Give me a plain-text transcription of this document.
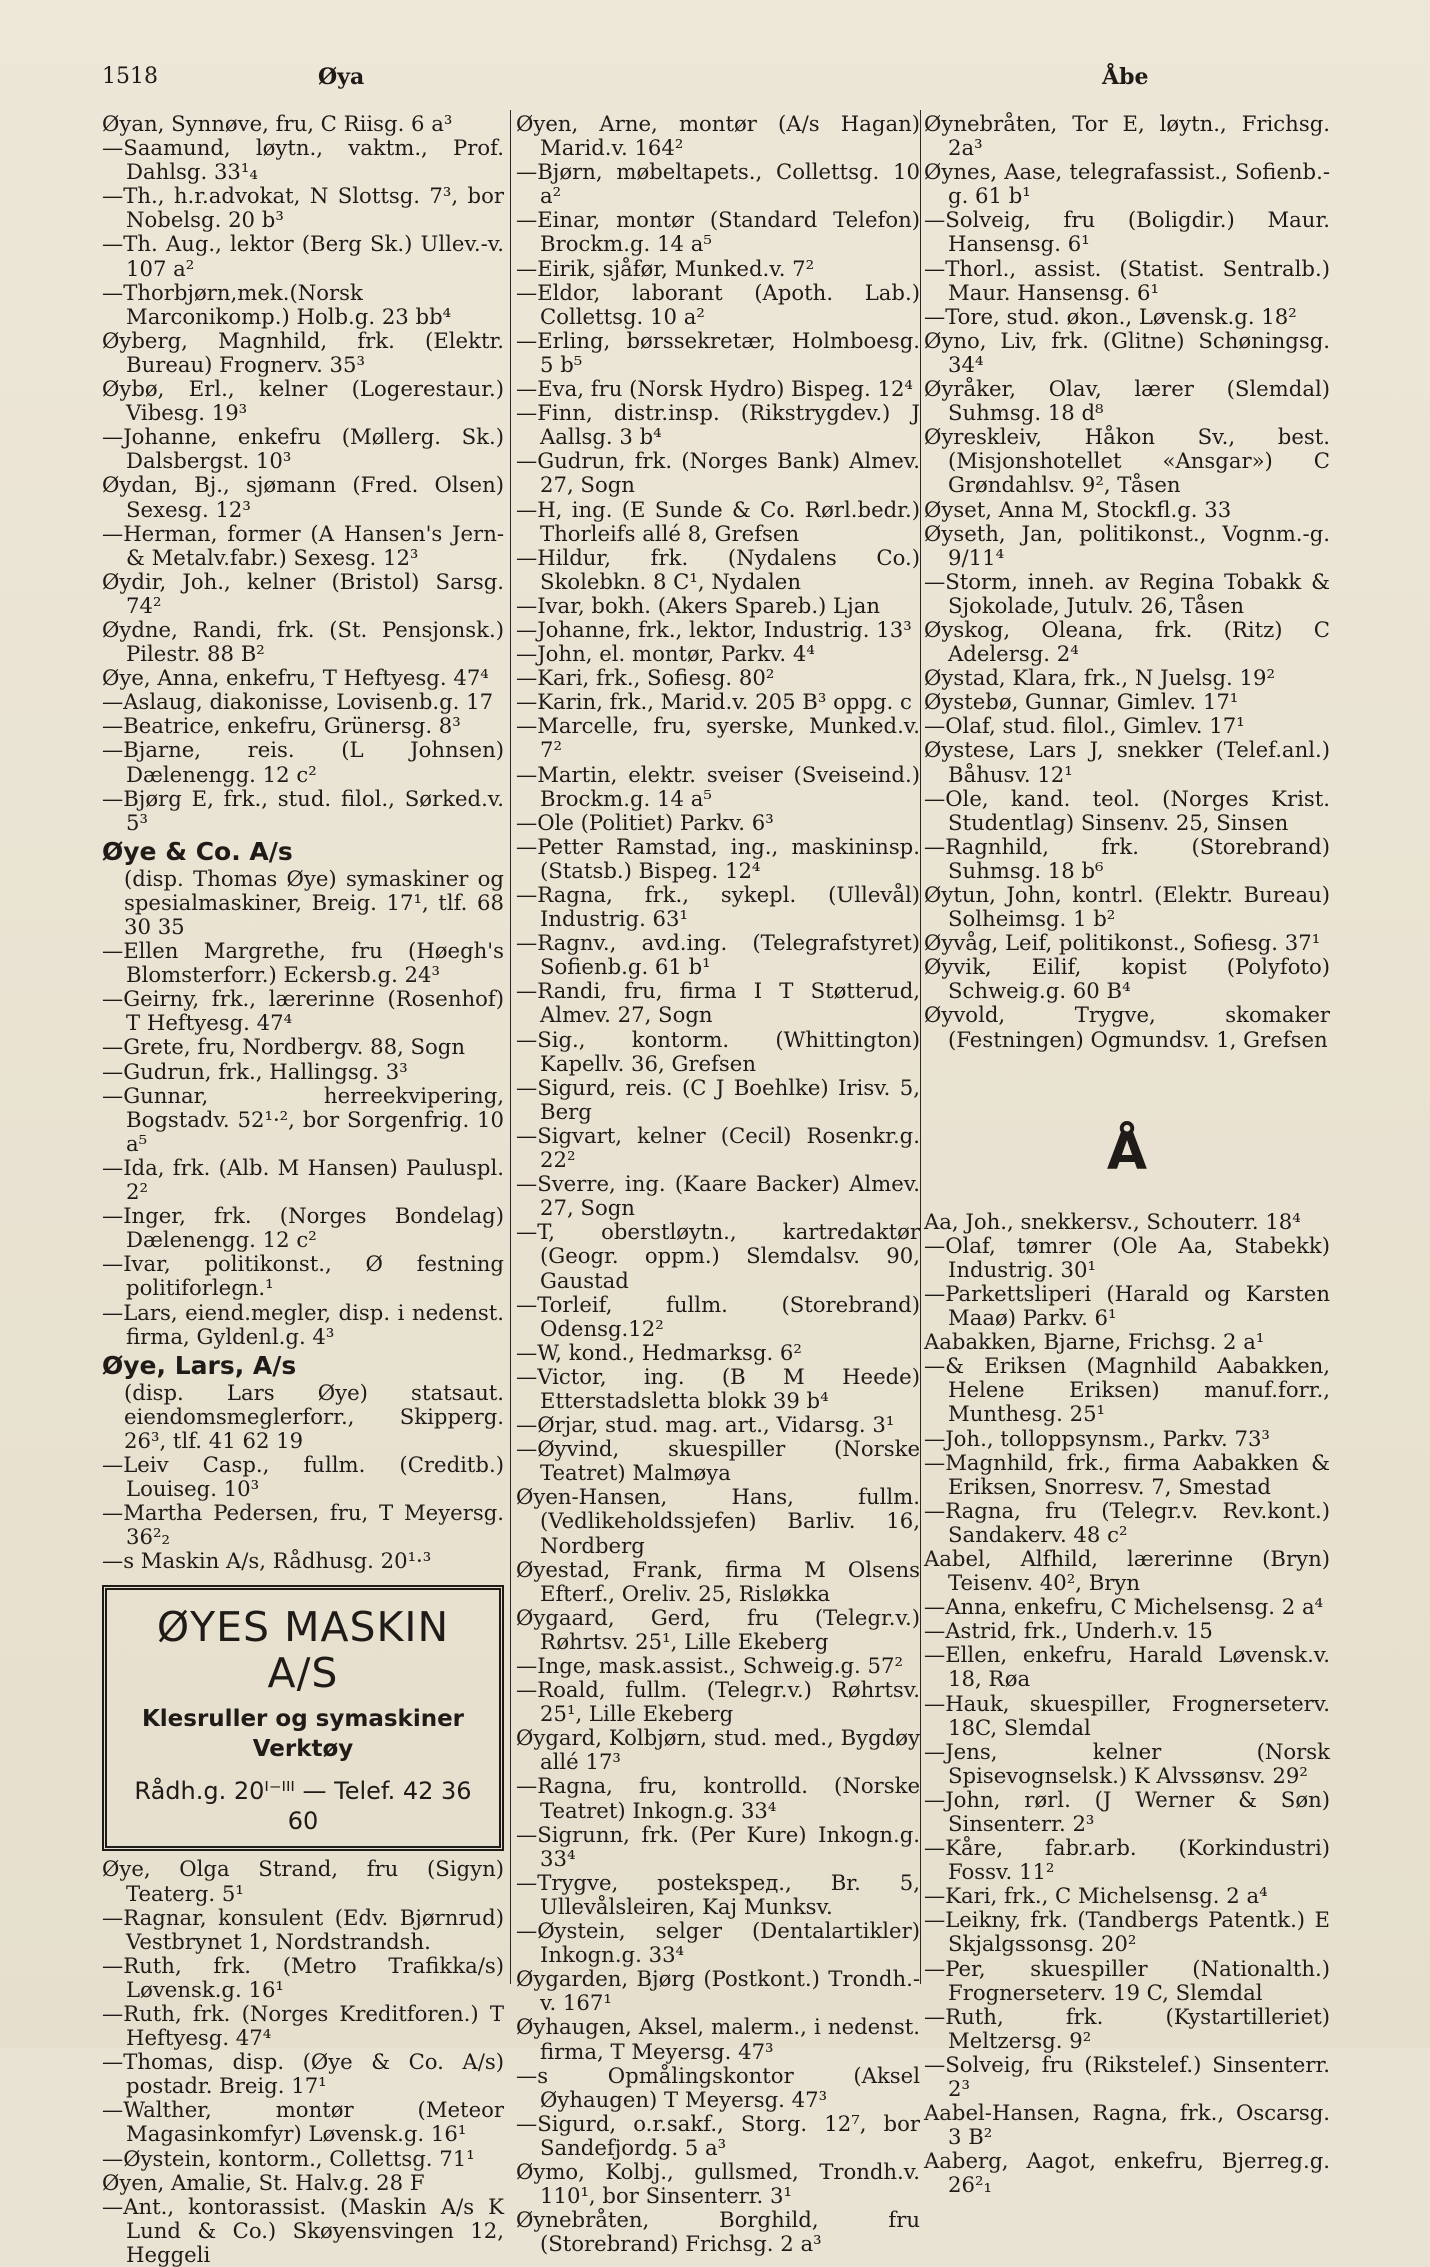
1518	Øya	Åbe

Øyan, Synnøve, fru, C Riisg. 6 a³

—Saamund, løytn., vaktm., Prof. Dahlsg. 33¹₄

—Th., h.r.advokat, N Slottsg. 7³, bor Nobelsg. 20 b³

—Th. Aug., lektor (Berg Sk.) Ullev.-v. 107 a²

—Thorbjørn,mek.(Norsk Marconikomp.) Holb.g. 23 bb⁴

Øyberg, Magnhild, frk. (Elektr. Bureau) Frognerv. 35³

Øybø, Erl., kelner (Logerestaur.) Vibesg. 19³

—Johanne, enkefru (Møllerg. Sk.) Dalsbergst. 10³

Øydan, Bj., sjømann (Fred. Olsen) Sexesg. 12³

—Herman, former (A Hansen's Jern- & Metalv.fabr.) Sexesg. 12³

Øydir, Joh., kelner (Bristol) Sarsg. 74²

Øydne, Randi, frk. (St. Pensjonsk.) Pilestr. 88 B²

Øye, Anna, enkefru, T Heftyesg. 47⁴

—Aslaug, diakonisse, Lovisenb.g. 17

—Beatrice, enkefru, Grünersg. 8³

—Bjarne, reis. (L Johnsen) Dælenengg. 12 c²

—Bjørg E, frk., stud. filol., Sørked.v. 5³

Øye & Co. A/s

(disp. Thomas Øye) symaskiner og spesialmaskiner, Breig. 17¹, tlf. 68 30 35

—Ellen Margrethe, fru (Høegh's Blomsterforr.) Eckersb.g. 24³

—Geirny, frk., lærerinne (Rosenhof) T Heftyesg. 47⁴

—Grete, fru, Nordbergv. 88, Sogn

—Gudrun, frk., Hallingsg. 3³

—Gunnar, herreekvipering, Bogstadv. 52¹·², bor Sorgenfrig. 10 a⁵

—Ida, frk. (Alb. M Hansen) Pauluspl. 2²

—Inger, frk. (Norges Bondelag) Dælenengg. 12 c²

—Ivar, politikonst., Ø festning politiforlegn.¹

—Lars, eiend.megler, disp. i nedenst. firma, Gyldenl.g. 4³

Øye, Lars, A/s

(disp. Lars Øye) statsaut. eiendomsmeglerforr., Skipperg. 26³, tlf. 41 62 19

—Leiv Casp., fullm. (Creditb.) Louiseg. 10³

—Martha Pedersen, fru, T Meyersg. 36²₂

—s Maskin A/s, Rådhusg. 20¹·³

ØYES MASKIN A/S

Klesruller og symaskiner

Verktøy

Rådh.g. 20ᴵ⁻ᴵᴵᴵ — Telef. 42 36 60

Øye, Olga Strand, fru (Sigyn) Teaterg. 5¹

—Ragnar, konsulent (Edv. Bjørnrud) Vestbrynet 1, Nordstrandsh.

—Ruth, frk. (Metro Trafikka/s) Løvensk.g. 16¹

—Ruth, frk. (Norges Kreditforen.) T Heftyesg. 47⁴

—Thomas, disp. (Øye & Co. A/s) postadr. Breig. 17¹

—Walther, montør (Meteor Magasinkomfyr) Løvensk.g. 16¹

—Øystein, kontorm., Collettsg. 71¹

Øyen, Amalie, St. Halv.g. 28 F

—Ant., kontorassist. (Maskin A/s K Lund & Co.) Skøyensvingen 12, Heggeli

Øyen, Arne, montør (A/s Hagan) Marid.v. 164²

—Bjørn, møbeltapets., Collettsg. 10 a²

—Einar, montør (Standard Telefon) Brockm.g. 14 a⁵

—Eirik, sjåfør, Munked.v. 7²

—Eldor, laborant (Apoth. Lab.) Collettsg. 10 a²

—Erling, børssekretær, Holmboesg. 5 b⁵

—Eva, fru (Norsk Hydro) Bispeg. 12⁴

—Finn, distr.insp. (Rikstrygdev.) J Aallsg. 3 b⁴

—Gudrun, frk. (Norges Bank) Almev. 27, Sogn

—H, ing. (E Sunde & Co. Rørl.bedr.) Thorleifs allé 8, Grefsen

—Hildur, frk. (Nydalens Co.) Skolebkn. 8 C¹, Nydalen

—Ivar, bokh. (Akers Spareb.) Ljan

—Johanne, frk., lektor, Industrig. 13³

—John, el. montør, Parkv. 4⁴

—Kari, frk., Sofiesg. 80²

—Karin, frk., Marid.v. 205 B³ oppg. c

—Marcelle, fru, syerske, Munked.v. 7²

—Martin, elektr. sveiser (Sveiseind.) Brockm.g. 14 a⁵

—Ole (Politiet) Parkv. 6³

—Petter Ramstad, ing., maskininsp. (Statsb.) Bispeg. 12⁴

—Ragna, frk., sykepl. (Ullevål) Industrig. 63¹

—Ragnv., avd.ing. (Telegrafstyret) Sofienb.g. 61 b¹

—Randi, fru, firma I T Støtterud, Almev. 27, Sogn

—Sig., kontorm. (Whittington) Kapellv. 36, Grefsen

—Sigurd, reis. (C J Boehlke) Irisv. 5, Berg

—Sigvart, kelner (Cecil) Rosenkr.g. 22²

—Sverre, ing. (Kaare Backer) Almev. 27, Sogn

—T, oberstløytn., kartredaktør (Geogr. oppm.) Slemdalsv. 90, Gaustad

—Torleif, fullm. (Storebrand) Odensg.12²

—W, kond., Hedmarksg. 6²

—Victor, ing. (B M Heede) Etterstadsletta blokk 39 b⁴

—Ørjar, stud. mag. art., Vidarsg. 3¹

—Øyvind, skuespiller (Norske Teatret) Malmøya

Øyen-Hansen, Hans, fullm. (Vedlikeholdssjefen) Barliv. 16, Nordberg

Øyestad, Frank, firma M Olsens Efterf., Oreliv. 25, Risløkka

Øygaard, Gerd, fru (Telegr.v.) Røhrtsv. 25¹, Lille Ekeberg

—Inge, mask.assist., Schweig.g. 57²

—Roald, fullm. (Telegr.v.) Røhrtsv. 25¹, Lille Ekeberg

Øygard, Kolbjørn, stud. med., Bygdøy allé 17³

—Ragna, fru, kontrolld. (Norske Teatret) Inkogn.g. 33⁴

—Sigrunn, frk. (Per Kure) Inkogn.g. 33⁴

—Trygve, postekspeд., Br. 5, Ullevålsleiren, Kaj Munksv.

—Øystein, selger (Dentalartikler) Inkogn.g. 33⁴

Øygarden, Bjørg (Postkont.) Trondh.-v. 167¹

Øyhaugen, Aksel, malerm., i nedenst. firma, T Meyersg. 47³

—s Opmålingskontor (Aksel Øyhaugen) T Meyersg. 47³

—Sigurd, o.r.sakf., Storg. 12⁷, bor Sandefjordg. 5 a³

Øymo, Kolbj., gullsmed, Trondh.v. 110¹, bor Sinsenterr. 3¹

Øynebråten, Borghild, fru (Storebrand) Frichsg. 2 a³

Øynebråten, Tor E, løytn., Frichsg. 2a³

Øynes, Aase, telegrafassist., Sofienb.-g. 61 b¹

—Solveig, fru (Boligdir.) Maur. Hansensg. 6¹

—Thorl., assist. (Statist. Sentralb.) Maur. Hansensg. 6¹

—Tore, stud. økon., Løvensk.g. 18²

Øyno, Liv, frk. (Glitne) Schøningsg. 34⁴

Øyråker, Olav, lærer (Slemdal) Suhmsg. 18 d⁸

Øyreskleiv, Håkon Sv., best. (Misjonshotellet «Ansgar») C Grøndahlsv. 9², Tåsen

Øyset, Anna M, Stockfl.g. 33

Øyseth, Jan, politikonst., Vognm.-g. 9/11⁴

—Storm, inneh. av Regina Tobakk & Sjokolade, Jutulv. 26, Tåsen

Øyskog, Oleana, frk. (Ritz) C Adelersg. 2⁴

Øystad, Klara, frk., N Juelsg. 19²

Øystebø, Gunnar, Gimlev. 17¹

—Olaf, stud. filol., Gimlev. 17¹

Øystese, Lars J, snekker (Telef.anl.) Båhusv. 12¹

—Ole, kand. teol. (Norges Krist. Studentlag) Sinsenv. 25, Sinsen

—Ragnhild, frk. (Storebrand) Suhmsg. 18 b⁶

Øytun, John, kontrl. (Elektr. Bureau) Solheimsg. 1 b²

Øyvåg, Leif, politikonst., Sofiesg. 37¹

Øyvik, Eilif, kopist (Polyfoto) Schweig.g. 60 B⁴

Øyvold, Trygve, skomaker (Festningen) Ogmundsv. 1, Grefsen

Å

Aa, Joh., snekkersv., Schouterr. 18⁴

—Olaf, tømrer (Ole Aa, Stabekk) Industrig. 30¹

—Parkettsliperi (Harald og Karsten Maaø) Parkv. 6¹

Aabakken, Bjarne, Frichsg. 2 a¹

—& Eriksen (Magnhild Aabakken, Helene Eriksen) manuf.forr., Munthesg. 25¹

—Joh., tolloppsynsm., Parkv. 73³

—Magnhild, frk., firma Aabakken & Eriksen, Snorresv. 7, Smestad

—Ragna, fru (Telegr.v. Rev.kont.) Sandakerv. 48 c²

Aabel, Alfhild, lærerinne (Bryn) Teisenv. 40², Bryn

—Anna, enkefru, C Michelsensg. 2 a⁴

—Astrid, frk., Underh.v. 15

—Ellen, enkefru, Harald Løvensk.v. 18, Røa

—Hauk, skuespiller, Frognerseterv. 18C, Slemdal

—Jens, kelner (Norsk Spisevognselsk.) K Alvssønsv. 29²

—John, rørl. (J Werner & Søn) Sinsenterr. 2³

—Kåre, fabr.arb. (Korkindustri) Fossv. 11²

—Kari, frk., C Michelsensg. 2 a⁴

—Leikny, frk. (Tandbergs Patentk.) E Skjalgssonsg. 20²

—Per, skuespiller (Nationalth.) Frognerseterv. 19 C, Slemdal

—Ruth, frk. (Kystartilleriet) Meltzersg. 9²

—Solveig, fru (Rikstelef.) Sinsenterr. 2³

Aabel-Hansen, Ragna, frk., Oscarsg. 3 B²

Aaberg, Aagot, enkefru, Bjerreg.g. 26²₁
